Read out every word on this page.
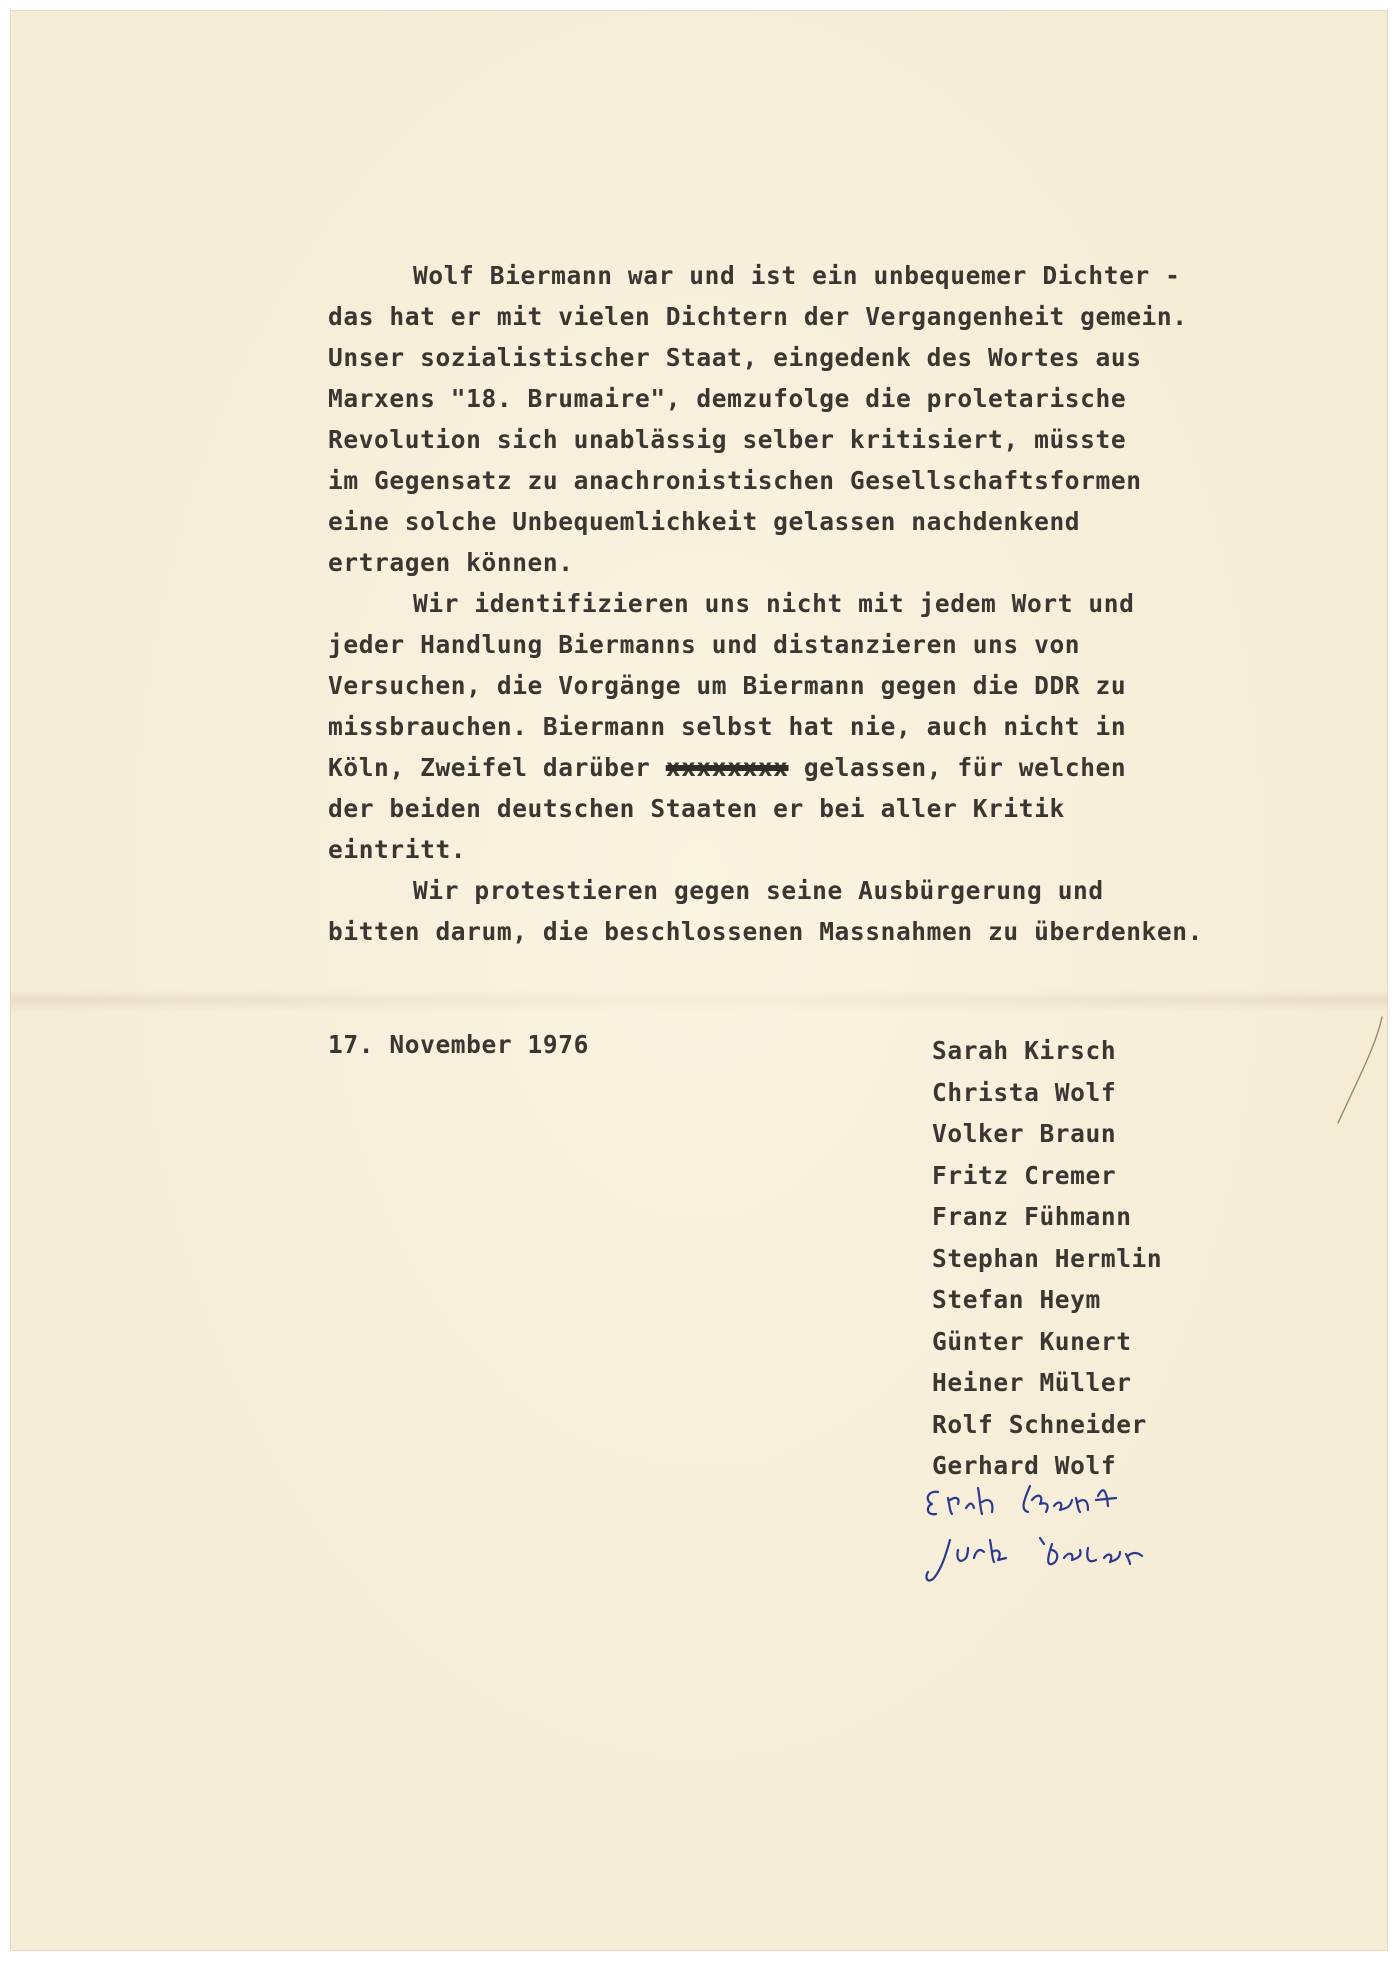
Wolf Biermann war und ist ein unbequemer Dichter -
das hat er mit vielen Dichtern der Vergangenheit gemein.
Unser sozialistischer Staat, eingedenk des Wortes aus
Marxens "18. Brumaire", demzufolge die proletarische
Revolution sich unablässig selber kritisiert, müsste
im Gegensatz zu anachronistischen Gesellschaftsformen
eine solche Unbequemlichkeit gelassen nachdenkend
ertragen können.
Wir identifizieren uns nicht mit jedem Wort und
jeder Handlung Biermanns und distanzieren uns von
Versuchen, die Vorgänge um Biermann gegen die DDR zu
missbrauchen. Biermann selbst hat nie, auch nicht in
Köln, Zweifel darüber xxxxxxxx gelassen, für welchen
der beiden deutschen Staaten er bei aller Kritik
eintritt.
Wir protestieren gegen seine Ausbürgerung und
bitten darum, die beschlossenen Massnahmen zu überdenken.
17. November 1976	Sarah Kirsch
Christa Wolf
Volker Braun
Fritz Cremer
Franz Fühmann
Stephan Hermlin
Stefan Heym
Günter Kunert
Heiner Müller
Rolf Schneider
Gerhard Wolf
